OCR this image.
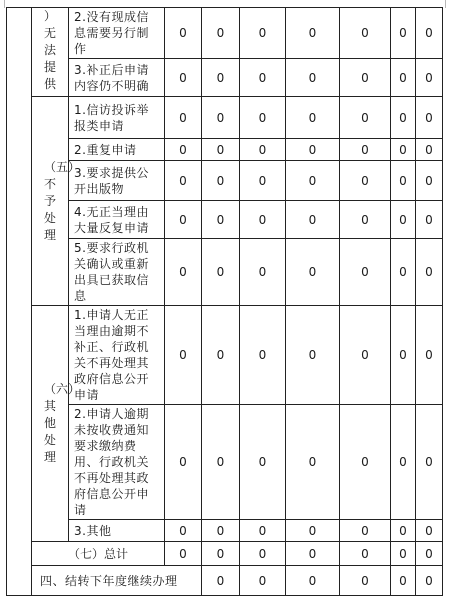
	）无法提供	2.没有现成信息需要另行制作	0	0	0	0	0	0	0	
		3.补正后申请内容仍不明确	0	0	0	0	0	0	0	

	（五）不予处理	1.信访投诉举报类申请	0	0	0	0	0	0	0	
		2.重复申请	0	0	0	0	0	0	0	
		3.要求提供公开出版物	0	0	0	0	0	0	0	
		4.无正当理由大量反复申请	0	0	0	0	0	0	0	
		5.要求行政机关确认或重新出具已获取信息	0	0	0	0	0	0	0	

	（六）其他处理	1.申请人无正当理由逾期不补正、行政机关不再处理其政府信息公开申请	0	0	0	0	0	0	0	
		2.申请人逾期未按收费通知要求缴纳费用、行政机关不再处理其政府信息公开申请	0	0	0	0	0	0	0	
		3.其他	0	0	0	0	0	0	0	
	（七）总计		0	0	0	0	0	0	0	
	四、结转下年度继续办理			0	0	0	0	0	0	
